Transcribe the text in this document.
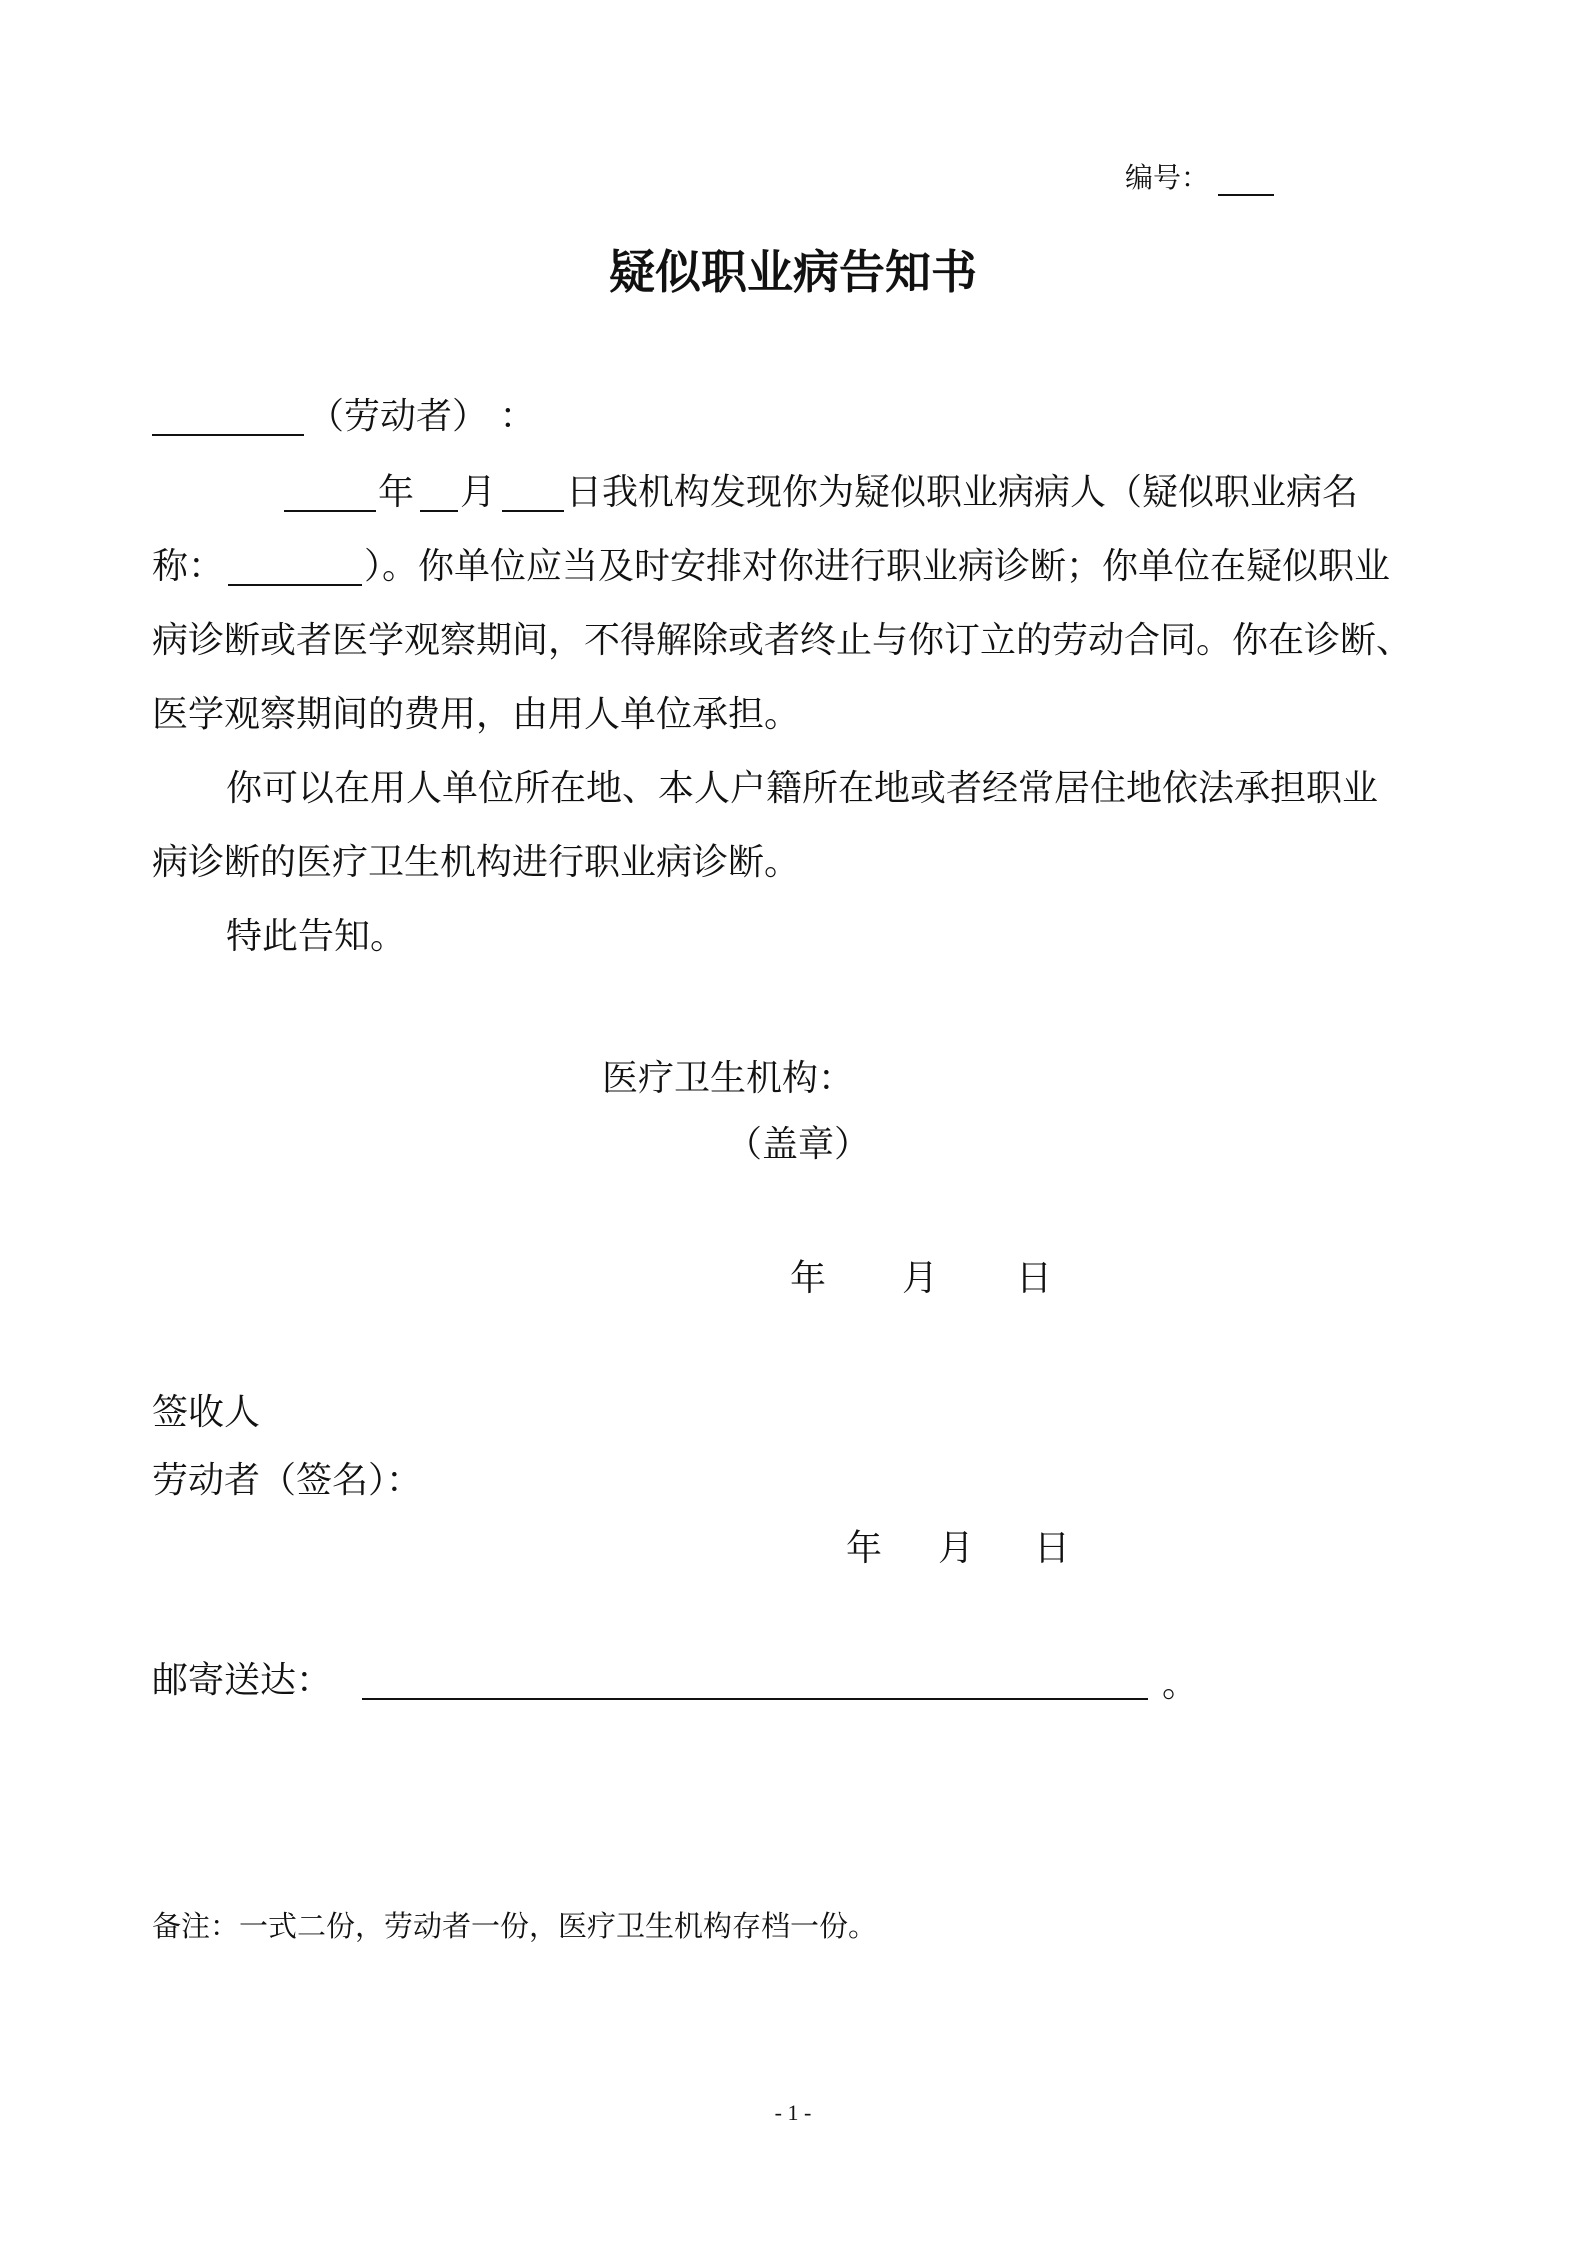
编号：
疑似职业病告知书
（劳动者） ：
年 月 日我机构发现你为疑似职业病病人（疑似职业病名
称：	）。你单位应当及时安排对你进行职业病诊断；你单位在疑似职业
病诊断或者医学观察期间，不得解除或者终止与你订立的劳动合同。你在诊断、
医学观察期间的费用，由用人单位承担。
你可以在用人单位所在地、本人户籍所在地或者经常居住地依法承担职业
病诊断的医疗卫生机构进行职业病诊断。
特此告知。
医疗卫生机构：
（盖章）
年 月 日
签收人
劳动者（签名）：
年 月 日
邮寄送达：	。
备注：一式二份，劳动者一份，医疗卫生机构存档一份。
- 1 -
